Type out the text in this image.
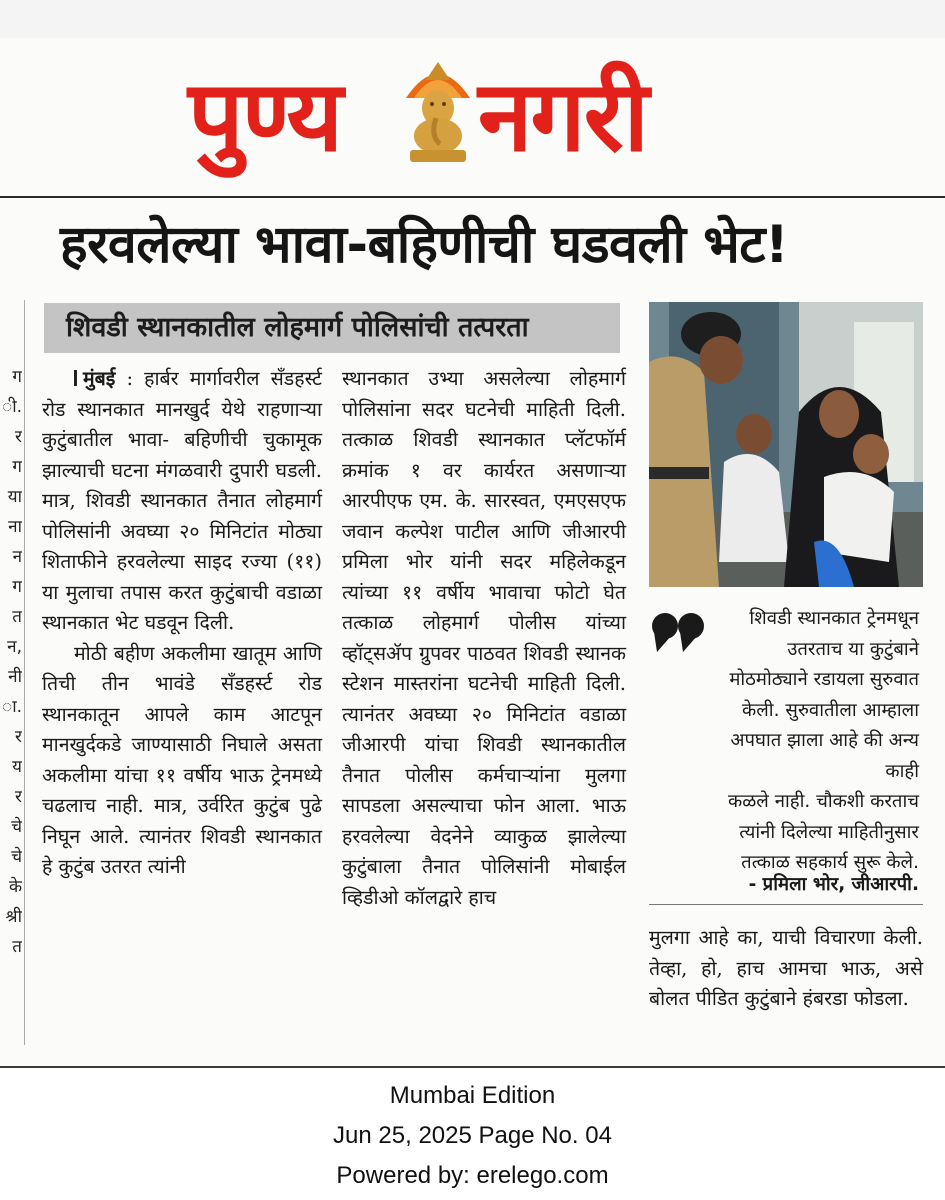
पुण्य नगरी
हरवलेल्या भावा-बहिणीची घडवली भेट!
शिवडी स्थानकातील लोहमार्ग पोलिसांची तत्परता
ग
ी.
र
ग
या
ना
न
ग
त
न,
नी
ा.
र
य
र
चे
चे
के
श्री
त

मुंबई : हार्बर मार्गावरील सँडहर्स्ट रोड स्थानकात मानखुर्द येथे राहणाऱ्या कुटुंबातील भावा- बहिणीची चुकामूक झाल्याची घटना मंगळवारी दुपारी घडली. मात्र, शिवडी स्थानकात तैनात लोहमार्ग पोलिसांनी अवघ्या २० मिनिटांत मोठ्या शिताफीने हरवलेल्या साइद रज्या (११) या मुलाचा तपास करत कुटुंबाची वडाळा स्थानकात भेट घडवून दिली.

मोठी बहीण अकलीमा खातूम आणि तिची तीन भावंडे सँडहर्स्ट रोड स्थानकातून आपले काम आटपून मानखुर्दकडे जाण्यासाठी निघाले असता अकलीमा यांचा ११ वर्षीय भाऊ ट्रेनमध्ये चढलाच नाही. मात्र, उर्वरित कुटुंब पुढे निघून आले. त्यानंतर शिवडी स्थानकात हे कुटुंब उतरत त्यांनी

स्थानकात उभ्या असलेल्या लोहमार्ग पोलिसांना सदर घटनेची माहिती दिली. तत्काळ शिवडी स्थानकात प्लॅटफॉर्म क्रमांक १ वर कार्यरत असणाऱ्या आरपीएफ एम. के. सारस्वत, एमएसएफ जवान कल्पेश पाटील आणि जीआरपी प्रमिला भोर यांनी सदर महिलेकडून त्यांच्या ११ वर्षीय भावाचा फोटो घेत तत्काळ लोहमार्ग पोलीस यांच्या व्हॉट्सॲप ग्रुपवर पाठवत शिवडी स्थानक स्टेशन मास्तरांना घटनेची माहिती दिली. त्यानंतर अवघ्या २० मिनिटांत वडाळा जीआरपी यांचा शिवडी स्थानकातील तैनात पोलीस कर्मचाऱ्यांना मुलगा सापडला असल्याचा फोन आला. भाऊ हरवलेल्या वेदनेने व्याकुळ झालेल्या कुटुंबाला तैनात पोलिसांनी मोबाईल व्हिडीओ कॉलद्वारे हाच

शिवडी स्थानकात ट्रेनमधून
उतरताच या कुटुंबाने
मोठमोठ्याने रडायला सुरुवात
केली. सुरुवातीला आम्हाला
अपघात झाला आहे की अन्य काही
कळले नाही. चौकशी करताच
त्यांनी दिलेल्या माहितीनुसार
तत्काळ सहकार्य सुरू केले.
- प्रमिला भोर, जीआरपी.

मुलगा आहे का, याची विचारणा केली. तेव्हा, हो, हाच आमचा भाऊ, असे बोलत पीडित कुटुंबाने हंबरडा फोडला.

Mumbai Edition
Jun 25, 2025 Page No. 04
Powered by: erelego.com
